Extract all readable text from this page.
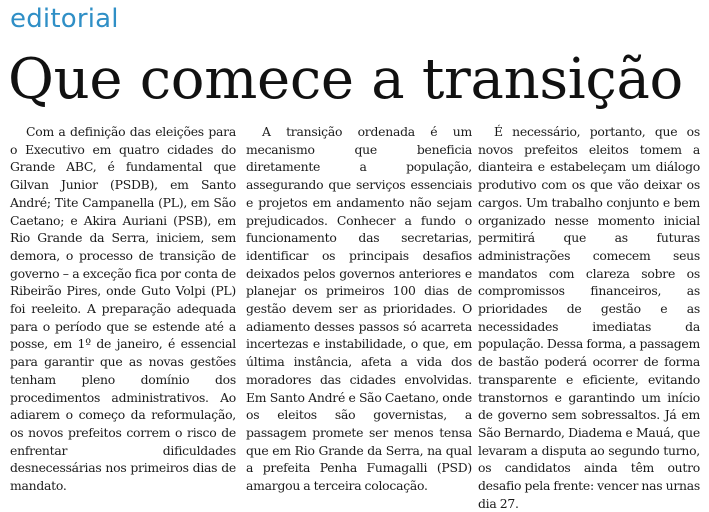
editorial
Que comece a transição

Com a definição das eleições para o Executivo em quatro cidades do Grande ABC, é fundamental que Gilvan Junior (PSDB), em Santo André; Tite Campanella (PL), em São Caetano; e Akira Auriani (PSB), em Rio Grande da Serra, iniciem, sem demora, o processo de transição de governo – a exceção fica por conta de Ribeirão Pires, onde Guto Volpi (PL) foi reeleito. A preparação adequada para o período que se estende até a posse, em 1º de janeiro, é essencial para garantir que as novas gestões tenham pleno domínio dos procedimentos administrativos. Ao adiarem o começo da reformulação, os novos prefeitos correm o risco de enfrentar dificuldades desnecessárias nos primeiros dias de mandato.

A transição ordenada é um mecanismo que beneficia diretamente a população, assegurando que serviços essenciais e projetos em andamento não sejam prejudicados. Conhecer a fundo o funcionamento das secretarias, identificar os principais desafios deixados pelos governos anteriores e planejar os primeiros 100 dias de gestão devem ser as prioridades. O adiamento desses passos só acarreta incertezas e instabilidade, o que, em última instância, afeta a vida dos moradores das cidades envolvidas. Em Santo André e São Caetano, onde os eleitos são governistas, a passagem promete ser menos tensa que em Rio Grande da Serra, na qual a prefeita Penha Fumagalli (PSD) amargou a terceira colocação.

É necessário, portanto, que os novos prefeitos eleitos tomem a dianteira e estabeleçam um diálogo produtivo com os que vão deixar os cargos. Um trabalho conjunto e bem organizado nesse momento inicial permitirá que as futuras administrações comecem seus mandatos com clareza sobre os compromissos financeiros, as prioridades de gestão e as necessidades imediatas da população. Dessa forma, a passagem de bastão poderá ocorrer de forma transparente e eficiente, evitando transtornos e garantindo um início de governo sem sobressaltos. Já em São Bernardo, Diadema e Mauá, que levaram a disputa ao segundo turno, os candidatos ainda têm outro desafio pela frente: vencer nas urnas dia 27.
